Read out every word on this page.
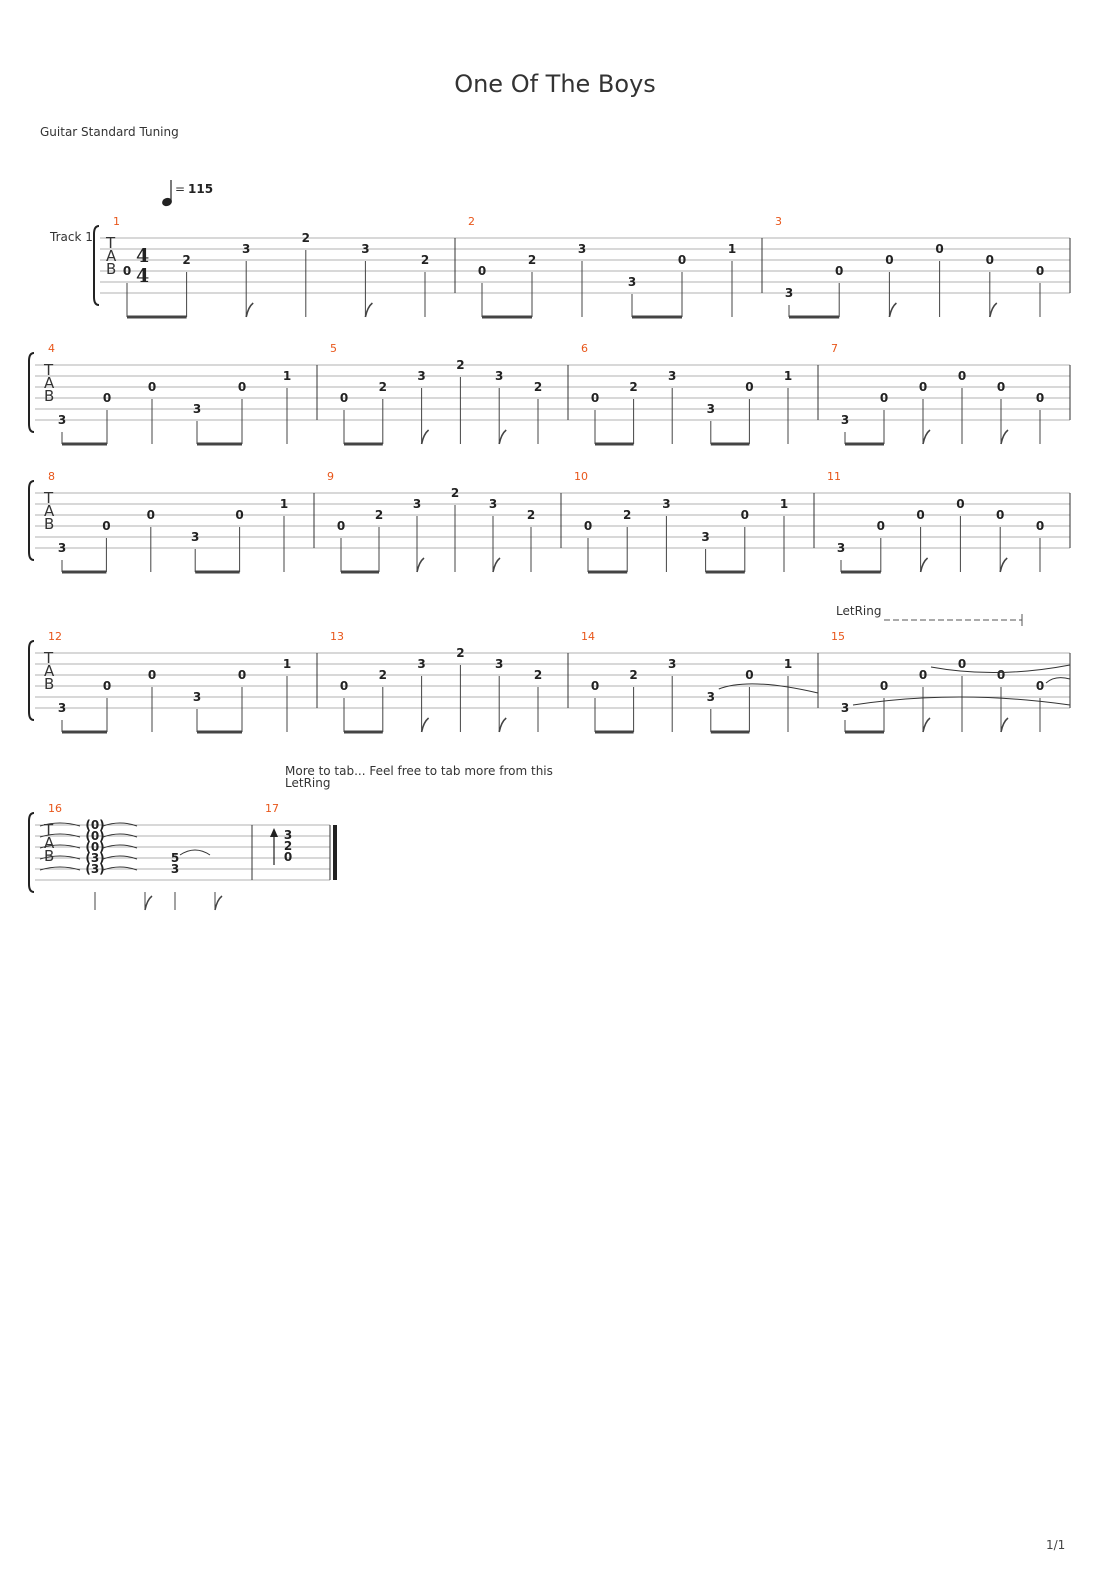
One Of The Boys
Guitar Standard Tuning
1/1
= 115
Track 1
LetRing
More to tab... Feel free to tab more from this
LetRing
T
A
B
4
4
1
0
2
3
2
3
2
2
0
2
3
3
0
1
3
3
0
0
0
0
0
T
A
B
4
3
0
0
3
0
1
5
0
2
3
2
3
2
6
0
2
3
3
0
1
7
3
0
0
0
0
0
T
A
B
8
3
0
0
3
0
1
9
0
2
3
2
3
2
10
0
2
3
3
0
1
11
3
0
0
0
0
0
T
A
B
12
3
0
0
3
0
1
13
0
2
3
2
3
2
14
0
2
3
3
0
1
15
3
0
0
0
0
0
T
A
B
16
(0)
(0)
(0)
(3)
(3)
5
3
17
3
2
0
